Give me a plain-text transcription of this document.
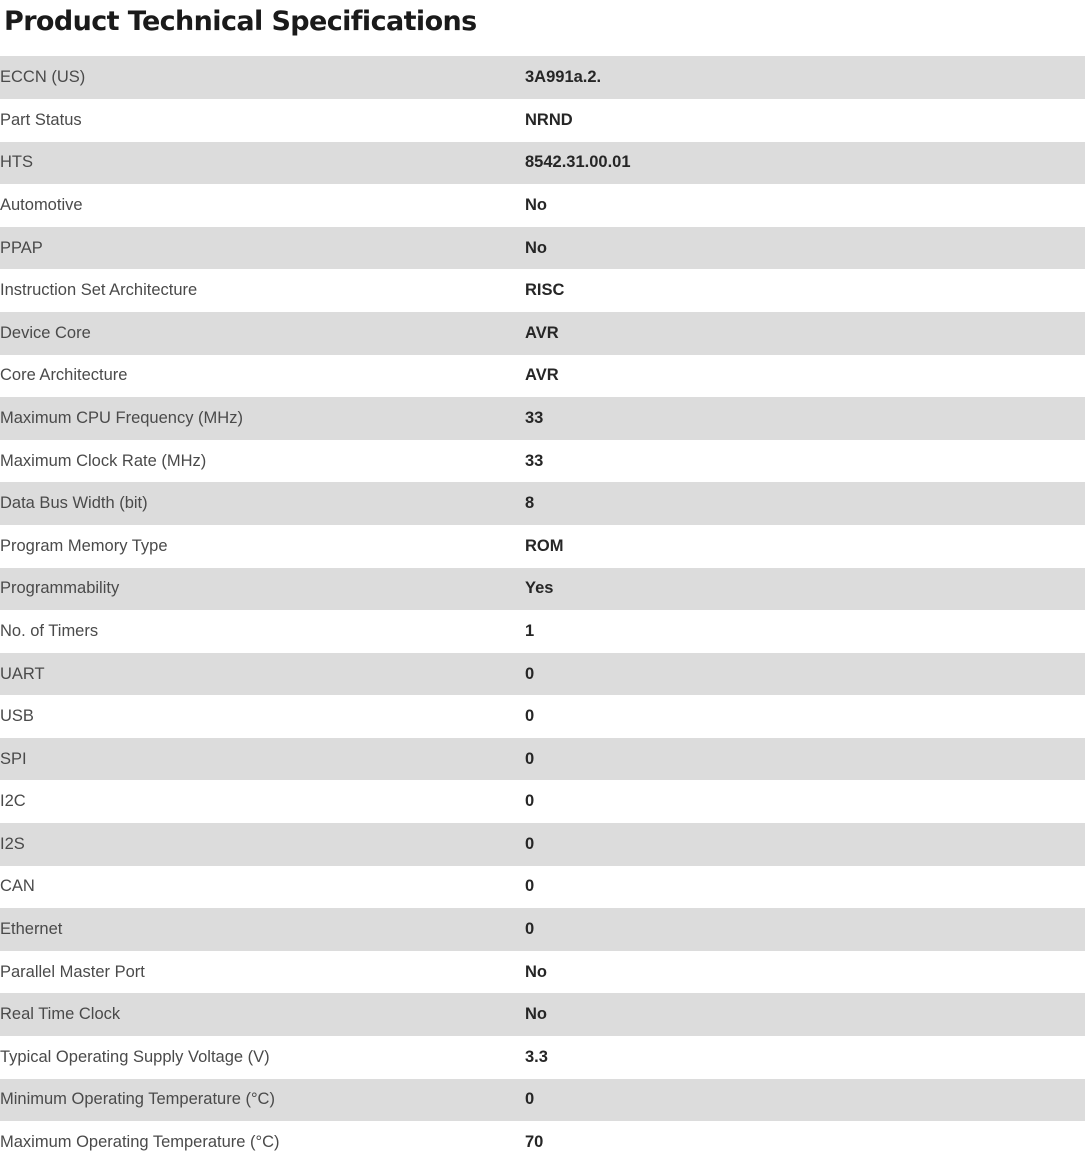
Product Technical Specifications
ECCN (US)	3A991a.2.
Part Status	NRND
HTS	8542.31.00.01
Automotive	No
PPAP	No
Instruction Set Architecture	RISC
Device Core	AVR
Core Architecture	AVR
Maximum CPU Frequency (MHz)	33
Maximum Clock Rate (MHz)	33
Data Bus Width (bit)	8
Program Memory Type	ROM
Programmability	Yes
No. of Timers	1
UART	0
USB	0
SPI	0
I2C	0
I2S	0
CAN	0
Ethernet	0
Parallel Master Port	No
Real Time Clock	No
Typical Operating Supply Voltage (V)	3.3
Minimum Operating Temperature (°C)	0
Maximum Operating Temperature (°C)	70
